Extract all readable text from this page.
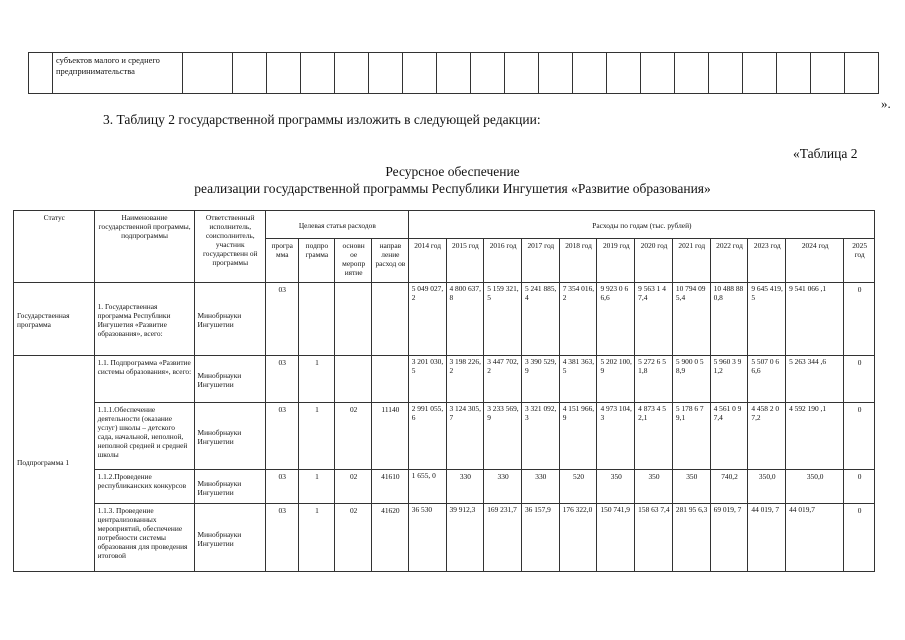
	субъектов малого и среднего предпринимательства																				
».
3. Таблицу 2 государственной программы изложить в следующей редакции:
«Таблица 2
Ресурсное обеспечение
реализации государственной программы Республики Ингушетия «Развитие образования»
Статус	Наименование государственной программы, подпрограммы	Ответственный исполнитель, соисполнитель, участник государственн ой программы	Целевая статья расходов				Расходы по годам (тыс. рублей)											
			програ мма	подпро грамма	основн ое меропр иятие	направ ление расход ов	2014 год	2015 год	2016 год	2017 год	2018 год	2019 год	2020 год	2021 год	2022 год	2023 год	2024 год	2025 год
Государственная программа	1. Государственная программа Республики Ингушетия «Развитие образования», всего:	Минобрнауки Ингушетии	03				5 049 027, 2	4 800 637,8	5 159 321,5	5 241 885,4	7 354 016,2	9 923 0 66,6	9 563 1 47,4	10 794 095,4	10 488 880,8	9 645 419,5	9 541 066 ,1	0
Подпрограмма 1	1.1. Подпрограмма «Развитие системы образования», всего:	Минобрнауки Ингушетии	03	1			3 201 030, 5	3 198 226,2	3 447 702,2	3 390 529,9	4 381 363,5	5 202 100,9	5 272 6 51,8	5 900 0 58,9	5 960 3 91,2	5 507 0 66,6	5 263 344 ,6	0
	1.1.1.Обеспечение деятельности (оказание услуг) школы – детского сада, начальной, неполной, неполной средней и средней школы	Минобрнауки Ингушетии	03	1	02	11140	2 991 055, 6	3 124 305,7	3 233 569,9	3 321 092,3	4 151 966,9	4 973 104,3	4 873 4 52,1	5 178 6 79,1	4 561 0 97,4	4 458 2 07,2	4 592 190 ,1	0
	1.1.2.Проведение республиканских конкурсов	Минобрнауки Ингушетии	03	1	02	41610	1 655, 0	330	330	330	520	350	350	350	740,2	350,0	350,0	0
	1.1.3. Проведение централизованных мероприятий, обеспечение потребности системы образования для проведения итоговой	Минобрнауки Ингушетии	03	1	02	41620	36 530	39 912,3	169 231,7	36 157,9	176 322,0	150 741,9	158 63 7,4	281 95 6,3	69 019, 7	44 019, 7	44 019,7	0
